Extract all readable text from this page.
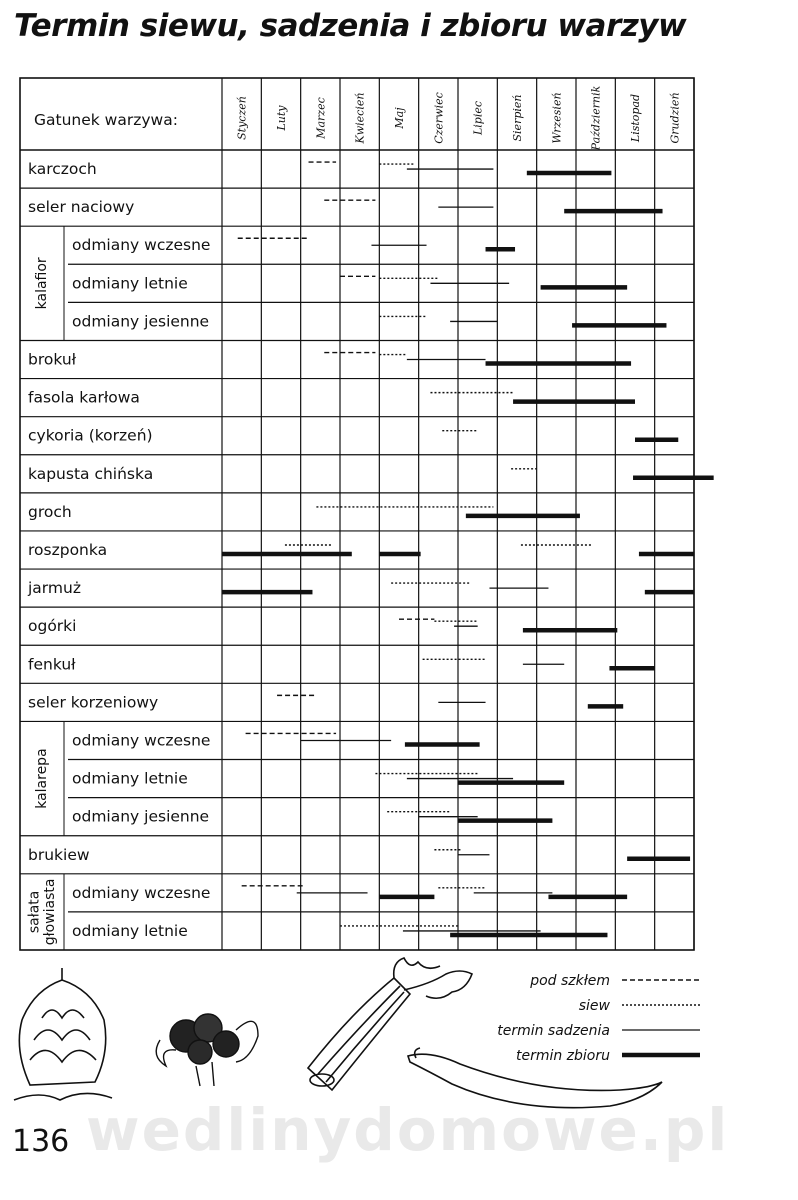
Termin siewu, sadzenia i zbioru warzyw
Gatunek warzywa:	Styczeń Luty Marzec Kwiecień Maj Czerwiec Lipiec Sierpień Wrzesień Październik Listopad Grudzień
karczoch
seler naciowy
odmiany wczesne
odmiany letnie
odmiany jesienne
brokuł
fasola karłowa
cykoria (korzeń)
kapusta chińska
groch
roszponka
jarmuż
ogórki
fenkuł
seler korzeniowy
odmiany wczesne
odmiany letnie
odmiany jesienne
brukiew
odmiany wczesne
odmiany letnie
kalafior
kalarepa
sałatagłowiasta
pod szkłem
siew
termin sadzenia
termin zbioru
wedlinydomowe.pl

136
